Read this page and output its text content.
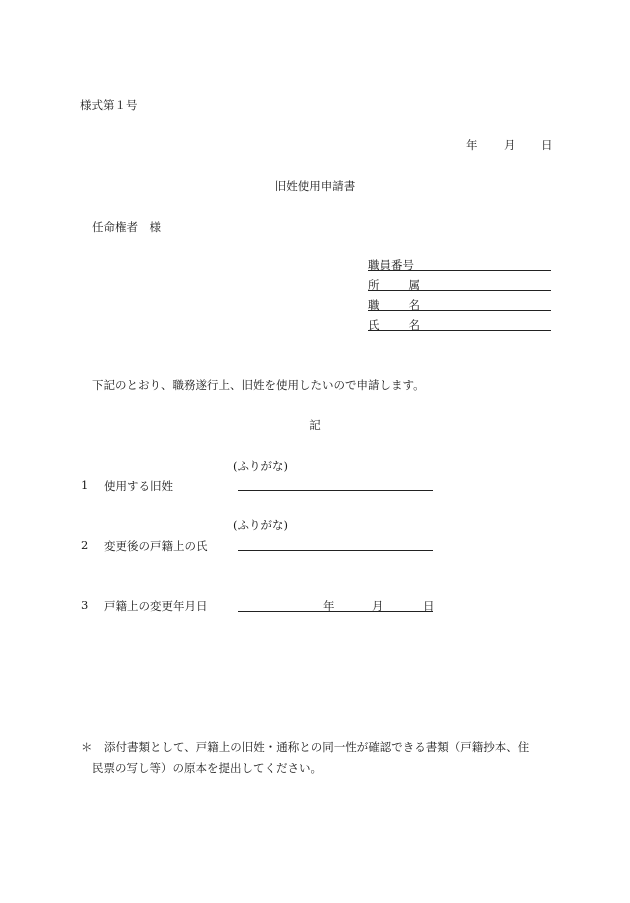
様式第１号
年 月 日
旧姓使用申請書
任命権者　様
職員番号
所	属
職	名
氏	名
下記のとおり、職務遂行上、旧姓を使用したいので申請します。
記
(ふりがな)
1 使用する旧姓
(ふりがな)
2 変更後の戸籍上の氏
3 戸籍上の変更年月日	年	月	日
＊ 添付書類として、戸籍上の旧姓・通称との同一性が確認できる書類（戸籍抄本、住
民票の写し等）の原本を提出してください。
